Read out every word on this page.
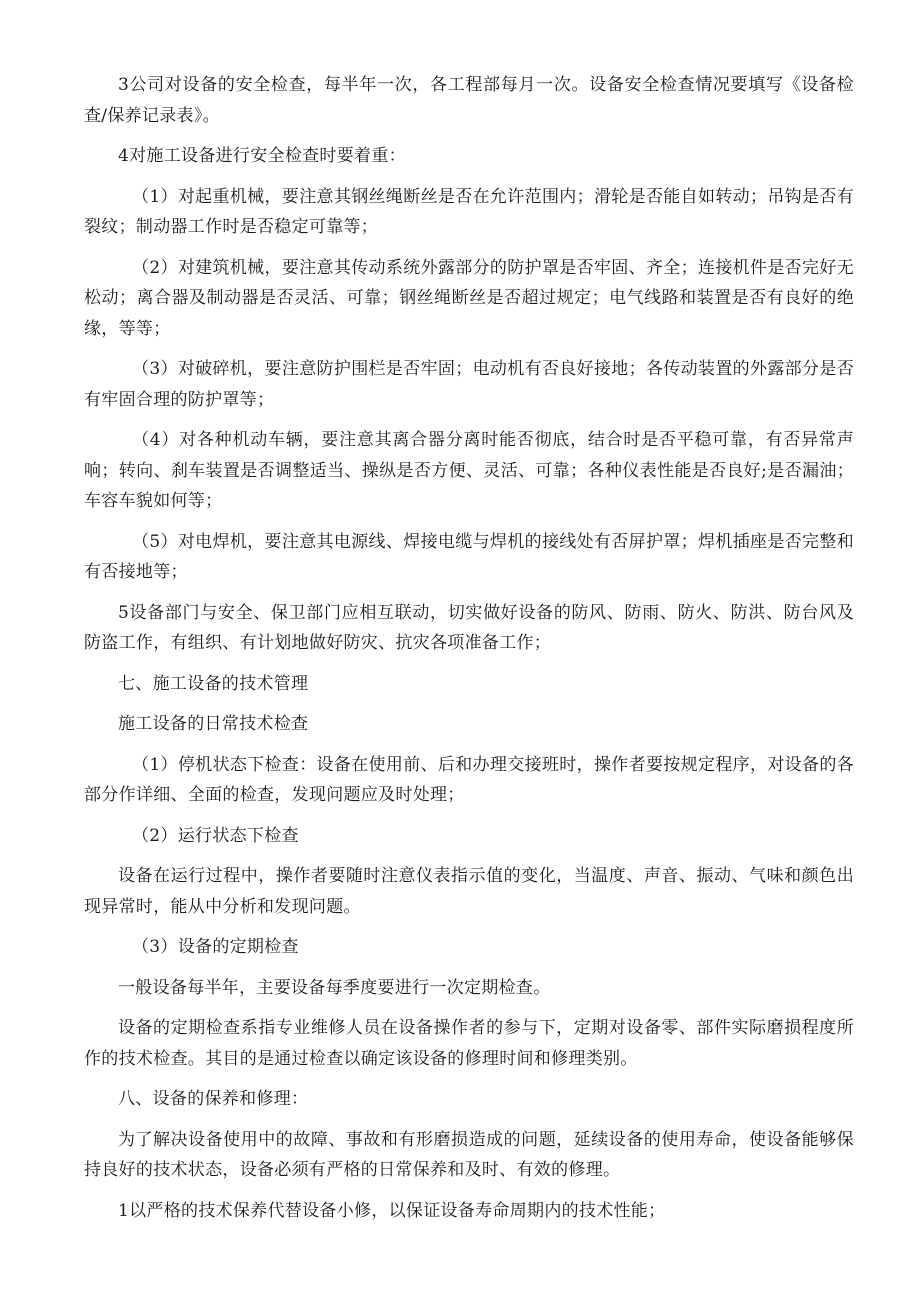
3公司对设备的安全检查，每半年一次，各工程部每月一次。设备安全检查情况要填写《设备检查/保养记录表》。

4对施工设备进行安全检查时要着重：

（1）对起重机械，要注意其钢丝绳断丝是否在允许范围内；滑轮是否能自如转动；吊钩是否有裂纹；制动器工作时是否稳定可靠等；

（2）对建筑机械，要注意其传动系统外露部分的防护罩是否牢固、齐全；连接机件是否完好无松动；离合器及制动器是否灵活、可靠；钢丝绳断丝是否超过规定；电气线路和装置是否有良好的绝缘，等等；

（3）对破碎机，要注意防护围栏是否牢固；电动机有否良好接地；各传动装置的外露部分是否有牢固合理的防护罩等；

（4）对各种机动车辆，要注意其离合器分离时能否彻底，结合时是否平稳可靠，有否异常声响；转向、刹车装置是否调整适当、操纵是否方便、灵活、可靠；各种仪表性能是否良好;是否漏油；车容车貌如何等；

（5）对电焊机，要注意其电源线、焊接电缆与焊机的接线处有否屏护罩；焊机插座是否完整和有否接地等；

5设备部门与安全、保卫部门应相互联动，切实做好设备的防风、防雨、防火、防洪、防台风及防盗工作，有组织、有计划地做好防灾、抗灾各项准备工作；

七、施工设备的技术管理

施工设备的日常技术检查

（1）停机状态下检查：设备在使用前、后和办理交接班时，操作者要按规定程序，对设备的各部分作详细、全面的检查，发现问题应及时处理；

（2）运行状态下检查

设备在运行过程中，操作者要随时注意仪表指示值的变化，当温度、声音、振动、气味和颜色出现异常时，能从中分析和发现问题。

（3）设备的定期检查

一般设备每半年，主要设备每季度要进行一次定期检查。

设备的定期检查系指专业维修人员在设备操作者的参与下，定期对设备零、部件实际磨损程度所作的技术检查。其目的是通过检查以确定该设备的修理时间和修理类别。

八、设备的保养和修理：

为了解决设备使用中的故障、事故和有形磨损造成的问题，延续设备的使用寿命，使设备能够保持良好的技术状态，设备必须有严格的日常保养和及时、有效的修理。

1以严格的技术保养代替设备小修，以保证设备寿命周期内的技术性能；
